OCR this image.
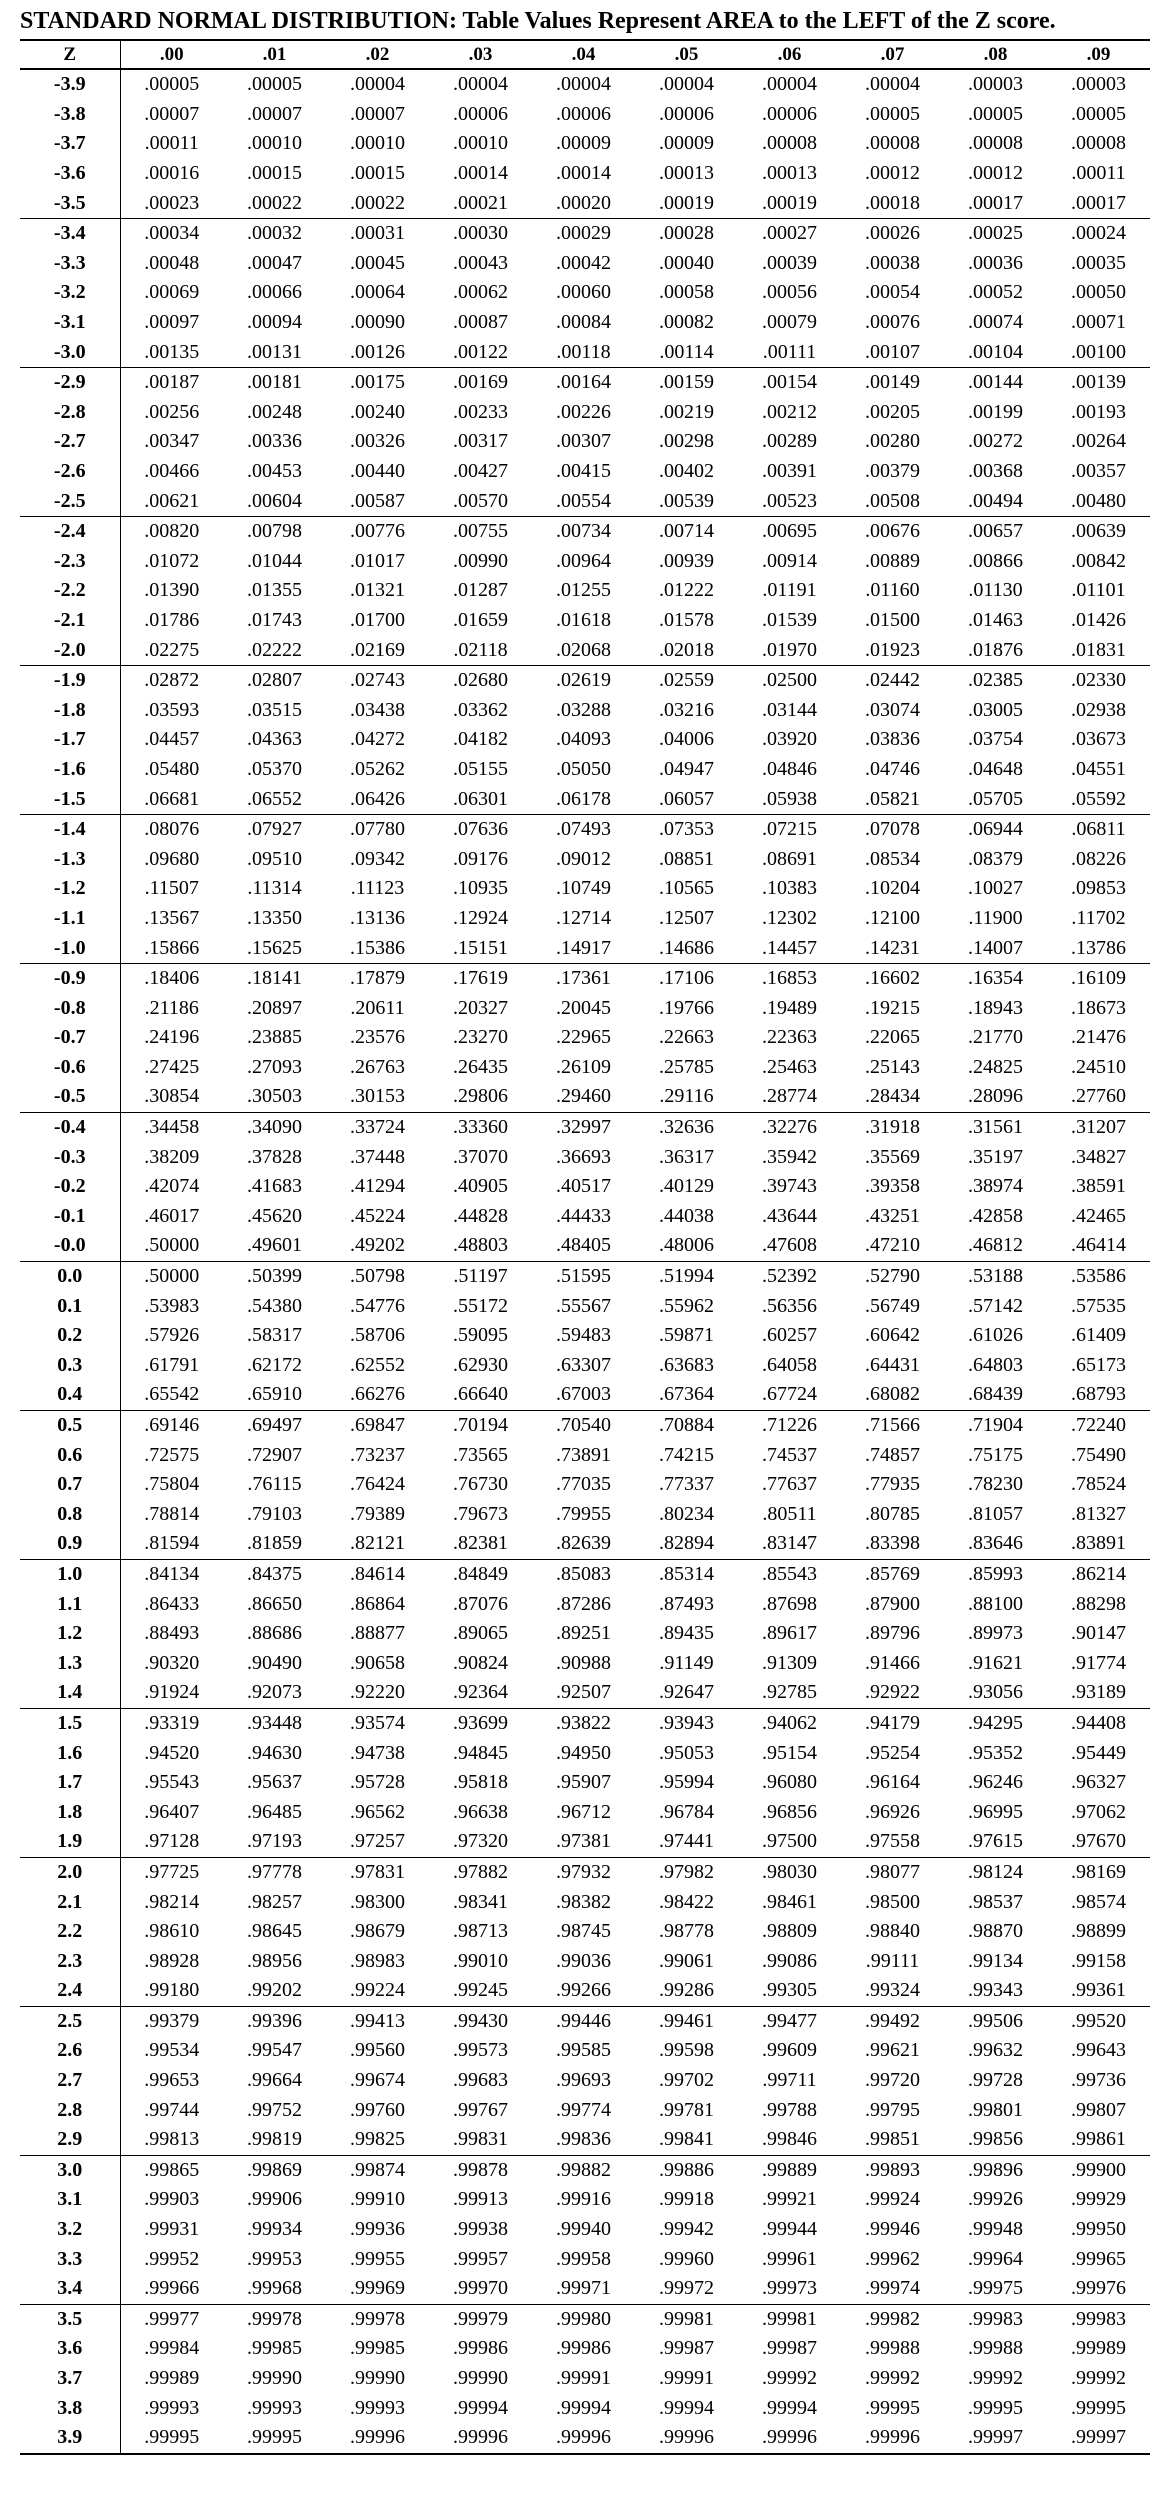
STANDARD NORMAL DISTRIBUTION: Table Values Represent AREA to the LEFT of the Z score.
Z	.00	.01	.02	.03	.04	.05	.06	.07	.08	.09
-3.9	.00005	.00005	.00004	.00004	.00004	.00004	.00004	.00004	.00003	.00003
-3.8	.00007	.00007	.00007	.00006	.00006	.00006	.00006	.00005	.00005	.00005
-3.7	.00011	.00010	.00010	.00010	.00009	.00009	.00008	.00008	.00008	.00008
-3.6	.00016	.00015	.00015	.00014	.00014	.00013	.00013	.00012	.00012	.00011
-3.5	.00023	.00022	.00022	.00021	.00020	.00019	.00019	.00018	.00017	.00017
-3.4	.00034	.00032	.00031	.00030	.00029	.00028	.00027	.00026	.00025	.00024
-3.3	.00048	.00047	.00045	.00043	.00042	.00040	.00039	.00038	.00036	.00035
-3.2	.00069	.00066	.00064	.00062	.00060	.00058	.00056	.00054	.00052	.00050
-3.1	.00097	.00094	.00090	.00087	.00084	.00082	.00079	.00076	.00074	.00071
-3.0	.00135	.00131	.00126	.00122	.00118	.00114	.00111	.00107	.00104	.00100
-2.9	.00187	.00181	.00175	.00169	.00164	.00159	.00154	.00149	.00144	.00139
-2.8	.00256	.00248	.00240	.00233	.00226	.00219	.00212	.00205	.00199	.00193
-2.7	.00347	.00336	.00326	.00317	.00307	.00298	.00289	.00280	.00272	.00264
-2.6	.00466	.00453	.00440	.00427	.00415	.00402	.00391	.00379	.00368	.00357
-2.5	.00621	.00604	.00587	.00570	.00554	.00539	.00523	.00508	.00494	.00480
-2.4	.00820	.00798	.00776	.00755	.00734	.00714	.00695	.00676	.00657	.00639
-2.3	.01072	.01044	.01017	.00990	.00964	.00939	.00914	.00889	.00866	.00842
-2.2	.01390	.01355	.01321	.01287	.01255	.01222	.01191	.01160	.01130	.01101
-2.1	.01786	.01743	.01700	.01659	.01618	.01578	.01539	.01500	.01463	.01426
-2.0	.02275	.02222	.02169	.02118	.02068	.02018	.01970	.01923	.01876	.01831
-1.9	.02872	.02807	.02743	.02680	.02619	.02559	.02500	.02442	.02385	.02330
-1.8	.03593	.03515	.03438	.03362	.03288	.03216	.03144	.03074	.03005	.02938
-1.7	.04457	.04363	.04272	.04182	.04093	.04006	.03920	.03836	.03754	.03673
-1.6	.05480	.05370	.05262	.05155	.05050	.04947	.04846	.04746	.04648	.04551
-1.5	.06681	.06552	.06426	.06301	.06178	.06057	.05938	.05821	.05705	.05592
-1.4	.08076	.07927	.07780	.07636	.07493	.07353	.07215	.07078	.06944	.06811
-1.3	.09680	.09510	.09342	.09176	.09012	.08851	.08691	.08534	.08379	.08226
-1.2	.11507	.11314	.11123	.10935	.10749	.10565	.10383	.10204	.10027	.09853
-1.1	.13567	.13350	.13136	.12924	.12714	.12507	.12302	.12100	.11900	.11702
-1.0	.15866	.15625	.15386	.15151	.14917	.14686	.14457	.14231	.14007	.13786
-0.9	.18406	.18141	.17879	.17619	.17361	.17106	.16853	.16602	.16354	.16109
-0.8	.21186	.20897	.20611	.20327	.20045	.19766	.19489	.19215	.18943	.18673
-0.7	.24196	.23885	.23576	.23270	.22965	.22663	.22363	.22065	.21770	.21476
-0.6	.27425	.27093	.26763	.26435	.26109	.25785	.25463	.25143	.24825	.24510
-0.5	.30854	.30503	.30153	.29806	.29460	.29116	.28774	.28434	.28096	.27760
-0.4	.34458	.34090	.33724	.33360	.32997	.32636	.32276	.31918	.31561	.31207
-0.3	.38209	.37828	.37448	.37070	.36693	.36317	.35942	.35569	.35197	.34827
-0.2	.42074	.41683	.41294	.40905	.40517	.40129	.39743	.39358	.38974	.38591
-0.1	.46017	.45620	.45224	.44828	.44433	.44038	.43644	.43251	.42858	.42465
-0.0	.50000	.49601	.49202	.48803	.48405	.48006	.47608	.47210	.46812	.46414
0.0	.50000	.50399	.50798	.51197	.51595	.51994	.52392	.52790	.53188	.53586
0.1	.53983	.54380	.54776	.55172	.55567	.55962	.56356	.56749	.57142	.57535
0.2	.57926	.58317	.58706	.59095	.59483	.59871	.60257	.60642	.61026	.61409
0.3	.61791	.62172	.62552	.62930	.63307	.63683	.64058	.64431	.64803	.65173
0.4	.65542	.65910	.66276	.66640	.67003	.67364	.67724	.68082	.68439	.68793
0.5	.69146	.69497	.69847	.70194	.70540	.70884	.71226	.71566	.71904	.72240
0.6	.72575	.72907	.73237	.73565	.73891	.74215	.74537	.74857	.75175	.75490
0.7	.75804	.76115	.76424	.76730	.77035	.77337	.77637	.77935	.78230	.78524
0.8	.78814	.79103	.79389	.79673	.79955	.80234	.80511	.80785	.81057	.81327
0.9	.81594	.81859	.82121	.82381	.82639	.82894	.83147	.83398	.83646	.83891
1.0	.84134	.84375	.84614	.84849	.85083	.85314	.85543	.85769	.85993	.86214
1.1	.86433	.86650	.86864	.87076	.87286	.87493	.87698	.87900	.88100	.88298
1.2	.88493	.88686	.88877	.89065	.89251	.89435	.89617	.89796	.89973	.90147
1.3	.90320	.90490	.90658	.90824	.90988	.91149	.91309	.91466	.91621	.91774
1.4	.91924	.92073	.92220	.92364	.92507	.92647	.92785	.92922	.93056	.93189
1.5	.93319	.93448	.93574	.93699	.93822	.93943	.94062	.94179	.94295	.94408
1.6	.94520	.94630	.94738	.94845	.94950	.95053	.95154	.95254	.95352	.95449
1.7	.95543	.95637	.95728	.95818	.95907	.95994	.96080	.96164	.96246	.96327
1.8	.96407	.96485	.96562	.96638	.96712	.96784	.96856	.96926	.96995	.97062
1.9	.97128	.97193	.97257	.97320	.97381	.97441	.97500	.97558	.97615	.97670
2.0	.97725	.97778	.97831	.97882	.97932	.97982	.98030	.98077	.98124	.98169
2.1	.98214	.98257	.98300	.98341	.98382	.98422	.98461	.98500	.98537	.98574
2.2	.98610	.98645	.98679	.98713	.98745	.98778	.98809	.98840	.98870	.98899
2.3	.98928	.98956	.98983	.99010	.99036	.99061	.99086	.99111	.99134	.99158
2.4	.99180	.99202	.99224	.99245	.99266	.99286	.99305	.99324	.99343	.99361
2.5	.99379	.99396	.99413	.99430	.99446	.99461	.99477	.99492	.99506	.99520
2.6	.99534	.99547	.99560	.99573	.99585	.99598	.99609	.99621	.99632	.99643
2.7	.99653	.99664	.99674	.99683	.99693	.99702	.99711	.99720	.99728	.99736
2.8	.99744	.99752	.99760	.99767	.99774	.99781	.99788	.99795	.99801	.99807
2.9	.99813	.99819	.99825	.99831	.99836	.99841	.99846	.99851	.99856	.99861
3.0	.99865	.99869	.99874	.99878	.99882	.99886	.99889	.99893	.99896	.99900
3.1	.99903	.99906	.99910	.99913	.99916	.99918	.99921	.99924	.99926	.99929
3.2	.99931	.99934	.99936	.99938	.99940	.99942	.99944	.99946	.99948	.99950
3.3	.99952	.99953	.99955	.99957	.99958	.99960	.99961	.99962	.99964	.99965
3.4	.99966	.99968	.99969	.99970	.99971	.99972	.99973	.99974	.99975	.99976
3.5	.99977	.99978	.99978	.99979	.99980	.99981	.99981	.99982	.99983	.99983
3.6	.99984	.99985	.99985	.99986	.99986	.99987	.99987	.99988	.99988	.99989
3.7	.99989	.99990	.99990	.99990	.99991	.99991	.99992	.99992	.99992	.99992
3.8	.99993	.99993	.99993	.99994	.99994	.99994	.99994	.99995	.99995	.99995
3.9	.99995	.99995	.99996	.99996	.99996	.99996	.99996	.99996	.99997	.99997
